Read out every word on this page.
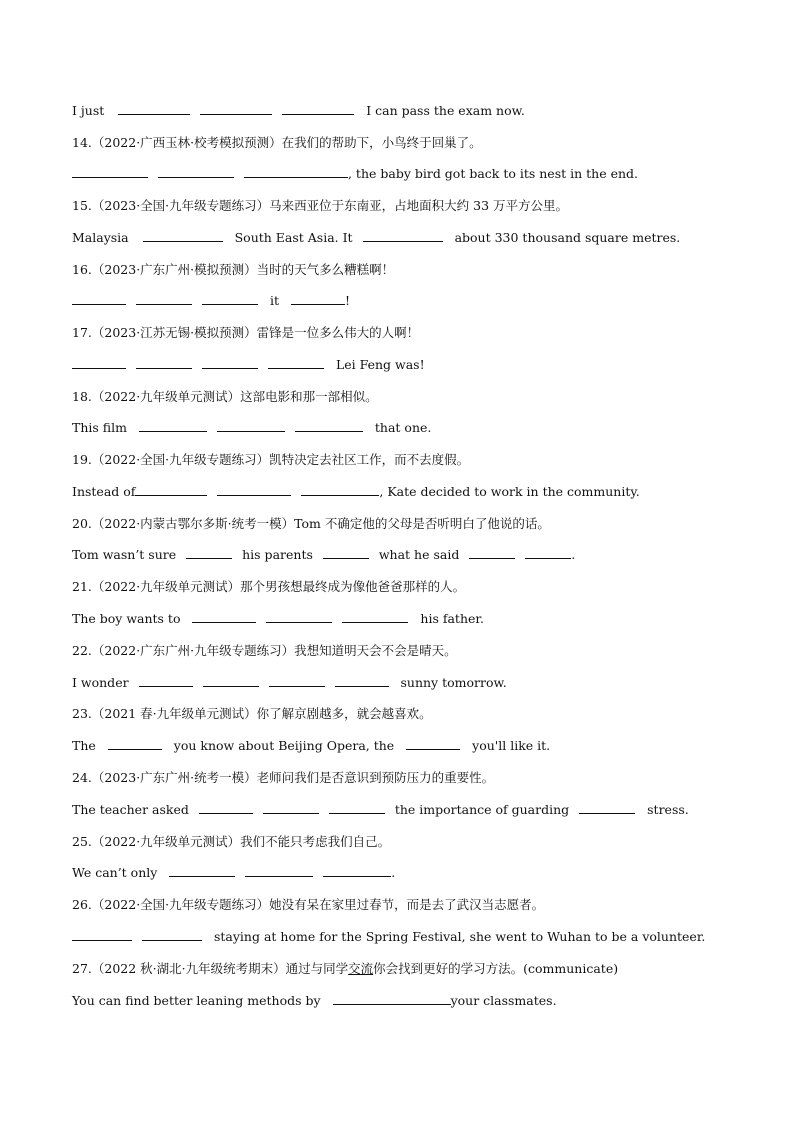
I just	I can pass the exam now.
14.（2022·广西玉林·校考模拟预测）在我们的帮助下，小鸟终于回巢了。
, the baby bird got back to its nest in the end.
15.（2023·全国·九年级专题练习）马来西亚位于东南亚，占地面积大约 33 万平方公里。
Malaysia	South East Asia. It	about 330 thousand square metres.
16.（2023·广东广州·模拟预测）当时的天气多么糟糕啊！
it	!
17.（2023·江苏无锡·模拟预测）雷锋是一位多么伟大的人啊！
Lei Feng was!
18.（2022·九年级单元测试）这部电影和那一部相似。
This film	that one.
19.（2022·全国·九年级专题练习）凯特决定去社区工作，而不去度假。
Instead of	, Kate decided to work in the community.
20.（2022·内蒙古鄂尔多斯·统考一模）Tom 不确定他的父母是否听明白了他说的话。
Tom wasn’t sure	his parents	what he said	.
21.（2022·九年级单元测试）那个男孩想最终成为像他爸爸那样的人。
The boy wants to	his father.
22.（2022·广东广州·九年级专题练习）我想知道明天会不会是晴天。
I wonder	sunny tomorrow.
23.（2021 春·九年级单元测试）你了解京剧越多，就会越喜欢。
The	you know about Beijing Opera, the	you'll like it.
24.（2023·广东广州·统考一模）老师问我们是否意识到预防压力的重要性。
The teacher asked	the importance of guarding	stress.
25.（2022·九年级单元测试）我们不能只考虑我们自己。
We can’t only	.
26.（2022·全国·九年级专题练习）她没有呆在家里过春节，而是去了武汉当志愿者。
staying at home for the Spring Festival, she went to Wuhan to be a volunteer.
27.（2022 秋·湖北·九年级统考期末）通过与同学交流你会找到更好的学习方法。(communicate)
You can find better leaning methods by	your classmates.
